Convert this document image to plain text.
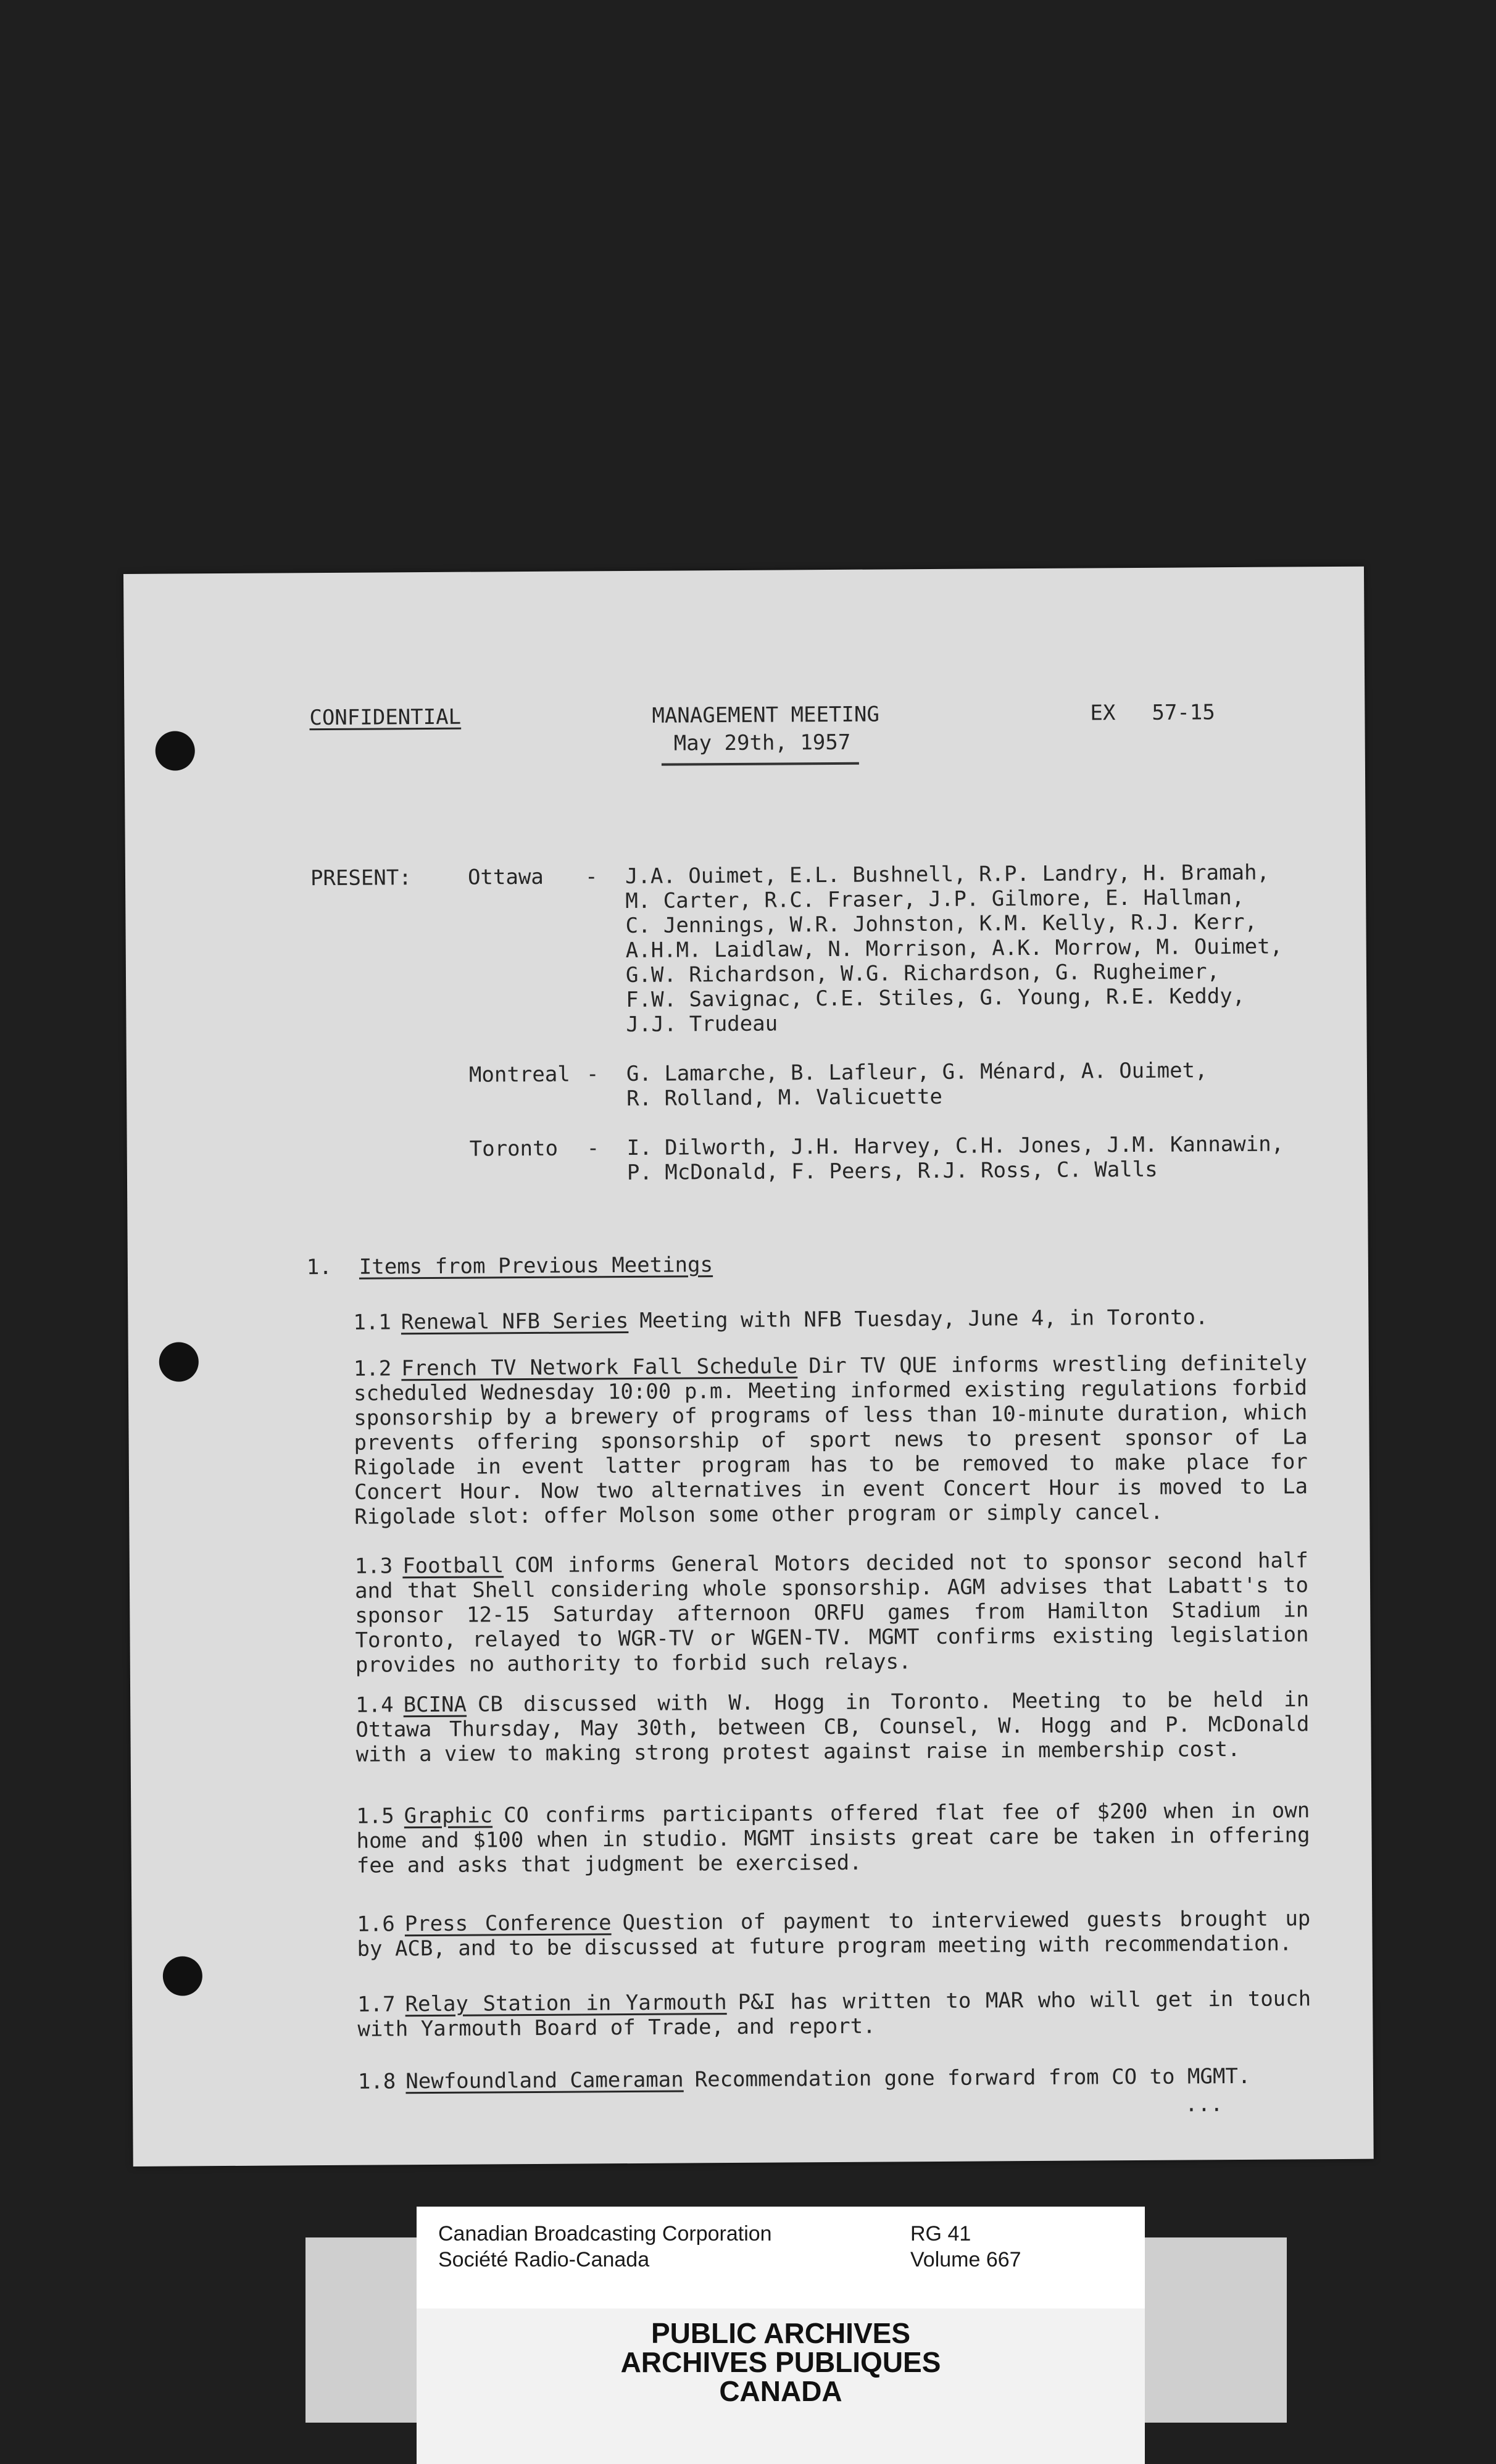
CONFIDENTIAL	MANAGEMENT MEETING
May 29th, 1957
EX 57-15
PRESENT:	Ottawa - J.A. Ouimet, E.L. Bushnell, R.P. Landry, H. Bramah,
M. Carter, R.C. Fraser, J.P. Gilmore, E. Hallman,
C. Jennings, W.R. Johnston, K.M. Kelly, R.J. Kerr,
A.H.M. Laidlaw, N. Morrison, A.K. Morrow, M. Ouimet,
G.W. Richardson, W.G. Richardson, G. Rugheimer,
F.W. Savignac, C.E. Stiles, G. Young, R.E. Keddy,
J.J. Trudeau
Montreal - G. Lamarche, B. Lafleur, G. Ménard, A. Ouimet,
R. Rolland, M. Valicuette
Toronto - I. Dilworth, J.H. Harvey, C.H. Jones, J.M. Kannawin,
P. McDonald, F. Peers, R.J. Ross, C. Walls
1. Items from Previous Meetings
1.1 Renewal NFB Series Meeting with NFB Tuesday, June 4, in Toronto.
1.2 French TV Network Fall Schedule Dir TV QUE informs wrestling definitely scheduled Wednesday 10:00 p.m. Meeting informed existing regulations forbid sponsorship by a brewery of programs of less than 10-minute duration, which prevents offering sponsorship of sport news to present sponsor of La Rigolade in event latter program has to be removed to make place for Concert Hour. Now two alternatives in event Concert Hour is moved to La Rigolade slot: offer Molson some other program or simply cancel.
1.3 Football COM informs General Motors decided not to sponsor second half and that Shell considering whole sponsorship. AGM advises that Labatt's to sponsor 12-15 Saturday afternoon ORFU games from Hamilton Stadium in Toronto, relayed to WGR-TV or WGEN-TV. MGMT confirms existing legislation provides no authority to forbid such relays.
1.4 BCINA CB discussed with W. Hogg in Toronto. Meeting to be held in Ottawa Thursday, May 30th, between CB, Counsel, W. Hogg and P. McDonald with a view to making strong protest against raise in membership cost.
1.5 Graphic CO confirms participants offered flat fee of $200 when in own home and $100 when in studio. MGMT insists great care be taken in offering fee and asks that judgment be exercised.
1.6 Press Conference Question of payment to interviewed guests brought up by ACB, and to be discussed at future program meeting with recommendation.
1.7 Relay Station in Yarmouth P&I has written to MAR who will get in touch with Yarmouth Board of Trade, and report.
1.8 Newfoundland Cameraman Recommendation gone forward from CO to MGMT.
...
Canadian Broadcasting Corporation
Société Radio-Canada
RG 41
Volume 667
PUBLIC ARCHIVES
ARCHIVES PUBLIQUES
CANADA
